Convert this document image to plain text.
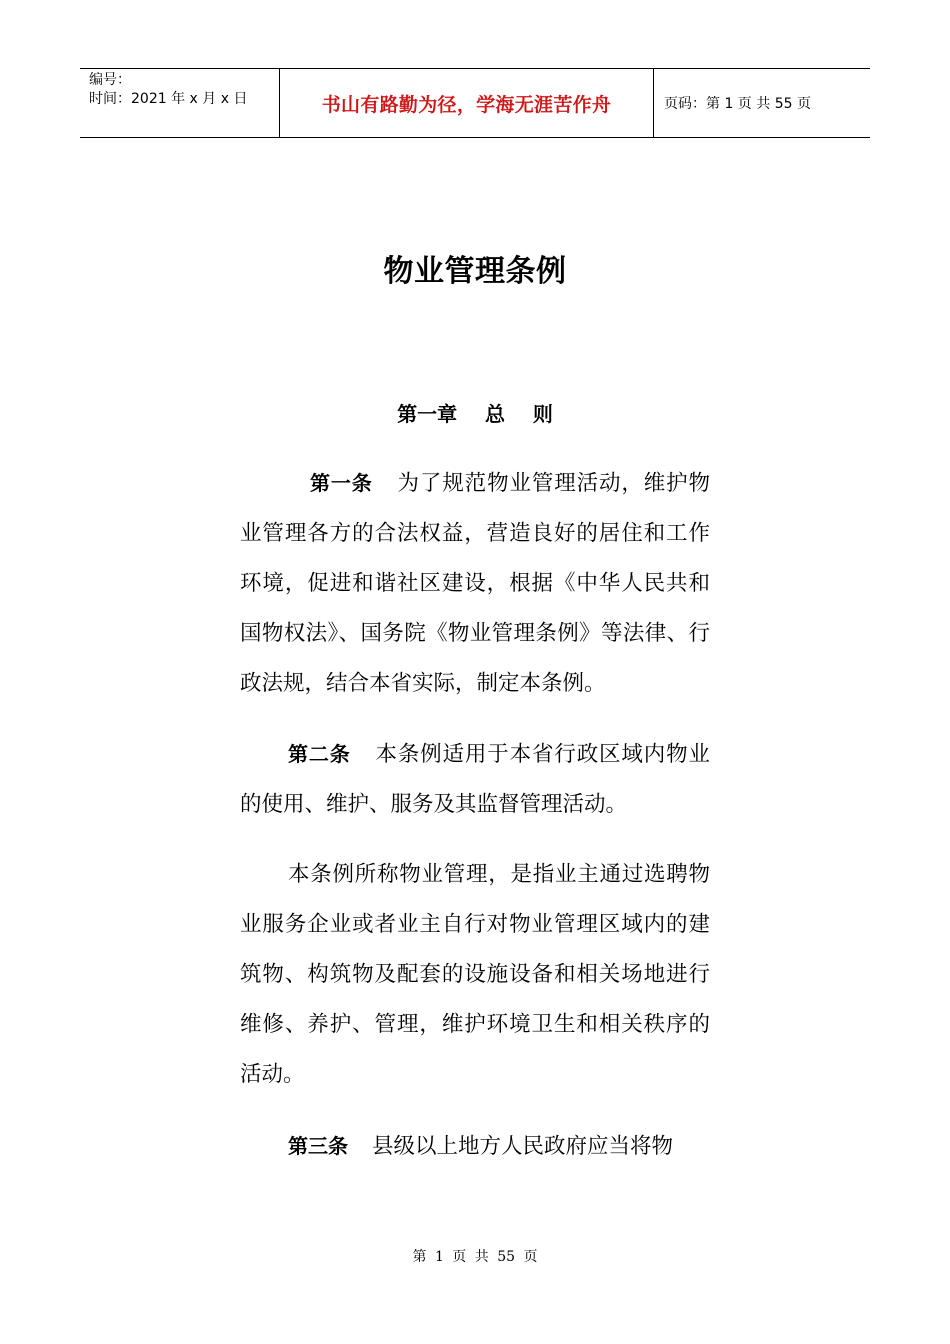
编号：
时间：2021 年 x 月 x 日	书山有路勤为径，学海无涯苦作舟	页码：第 1 页 共 55 页
物业管理条例
第一章    总    则

第一条 为了规范物业管理活动，维护物业管理各方的合法权益，营造良好的居住和工作环境，促进和谐社区建设，根据《中华人民共和国物权法》、国务院《物业管理条例》等法律、行政法规，结合本省实际，制定本条例。

第二条 本条例适用于本省行政区域内物业的使用、维护、服务及其监督管理活动。

本条例所称物业管理，是指业主通过选聘物业服务企业或者业主自行对物业管理区域内的建筑物、构筑物及配套的设施设备和相关场地进行维修、养护、管理，维护环境卫生和相关秩序的活动。

第三条 县级以上地方人民政府应当将物

第 1 页 共 55 页
